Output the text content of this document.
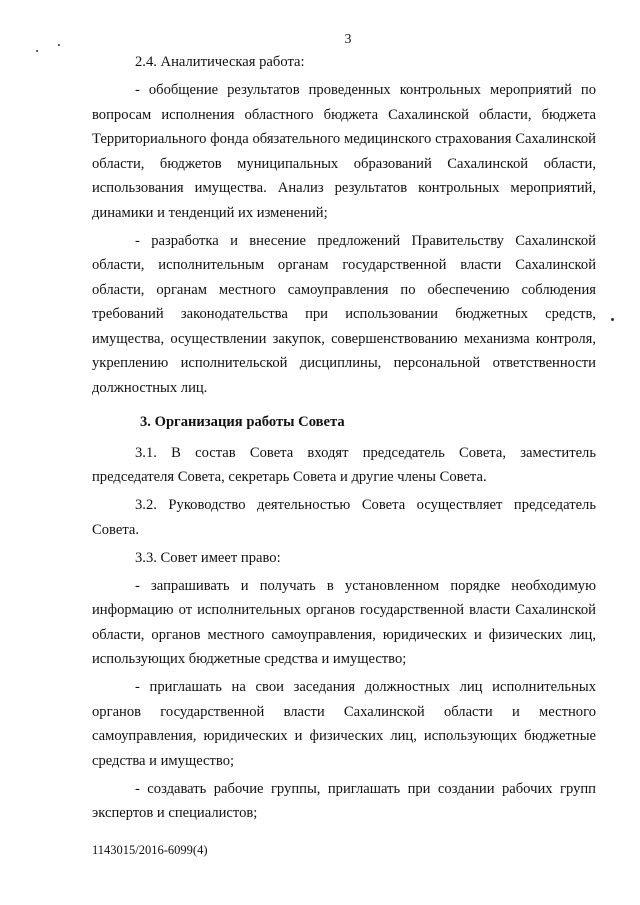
3

2.4. Аналитическая работа:

- обобщение результатов проведенных контрольных мероприятий по вопросам исполнения областного бюджета Сахалинской области, бюджета Территориального фонда обязательного медицинского страхования Сахалинской области, бюджетов муниципальных образований Сахалинской области, использования имущества. Анализ результатов контрольных мероприятий, динамики и тенденций их изменений;

- разработка и внесение предложений Правительству Сахалинской области, исполнительным органам государственной власти Сахалинской области, органам местного самоуправления по обеспечению соблюдения требований законодательства при использовании бюджетных средств, имущества, осуществлении закупок, совершенствованию механизма контроля, укреплению исполнительской дисциплины, персональной ответственности должностных лиц.

3. Организация работы Совета

3.1. В состав Совета входят председатель Совета, заместитель председателя Совета, секретарь Совета и другие члены Совета.

3.2. Руководство деятельностью Совета осуществляет председатель Совета.

3.3. Совет имеет право:

- запрашивать и получать в установленном порядке необходимую информацию от исполнительных органов государственной власти Сахалинской области, органов местного самоуправления, юридических и физических лиц, использующих бюджетные средства и имущество;

- приглашать на свои заседания должностных лиц исполнительных органов государственной власти Сахалинской области и местного самоуправления, юридических и физических лиц, использующих бюджетные средства и имущество;

- создавать рабочие группы, приглашать при создании рабочих групп экспертов и специалистов;

1143015/2016-6099(4)
